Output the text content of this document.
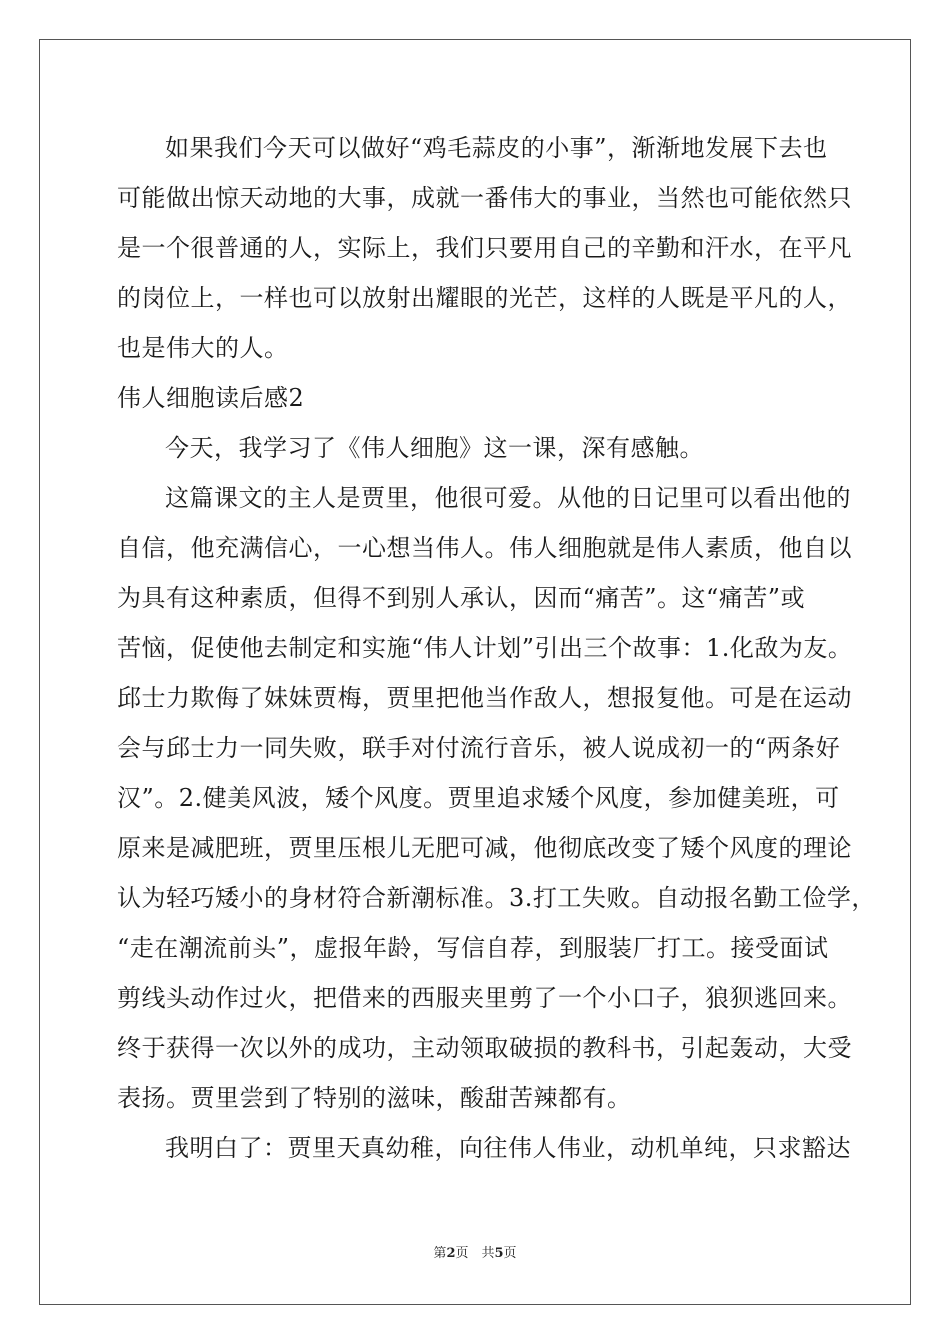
如果我们今天可以做好“鸡毛蒜皮的小事”，渐渐地发展下去也
可能做出惊天动地的大事，成就一番伟大的事业，当然也可能依然只
是一个很普通的人，实际上，我们只要用自己的辛勤和汗水，在平凡
的岗位上，一样也可以放射出耀眼的光芒，这样的人既是平凡的人，
也是伟大的人。
伟人细胞读后感2
今天，我学习了《伟人细胞》这一课，深有感触。
这篇课文的主人是贾里，他很可爱。从他的日记里可以看出他的
自信，他充满信心，一心想当伟人。伟人细胞就是伟人素质，他自以
为具有这种素质，但得不到别人承认，因而“痛苦”。这“痛苦”或
苦恼，促使他去制定和实施“伟人计划”引出三个故事：1.化敌为友。
邱士力欺侮了妹妹贾梅，贾里把他当作敌人，想报复他。可是在运动
会与邱士力一同失败，联手对付流行音乐，被人说成初一的“两条好
汉”。2.健美风波，矮个风度。贾里追求矮个风度，参加健美班，可
原来是减肥班，贾里压根儿无肥可减，他彻底改变了矮个风度的理论
认为轻巧矮小的身材符合新潮标准。3.打工失败。自动报名勤工俭学，
“走在潮流前头”，虚报年龄，写信自荐，到服装厂打工。接受面试
剪线头动作过火，把借来的西服夹里剪了一个小口子，狼狈逃回来。
终于获得一次以外的成功，主动领取破损的教科书，引起轰动，大受
表扬。贾里尝到了特别的滋味，酸甜苦辣都有。
我明白了：贾里天真幼稚，向往伟人伟业，动机单纯，只求豁达
第2页　共5页
